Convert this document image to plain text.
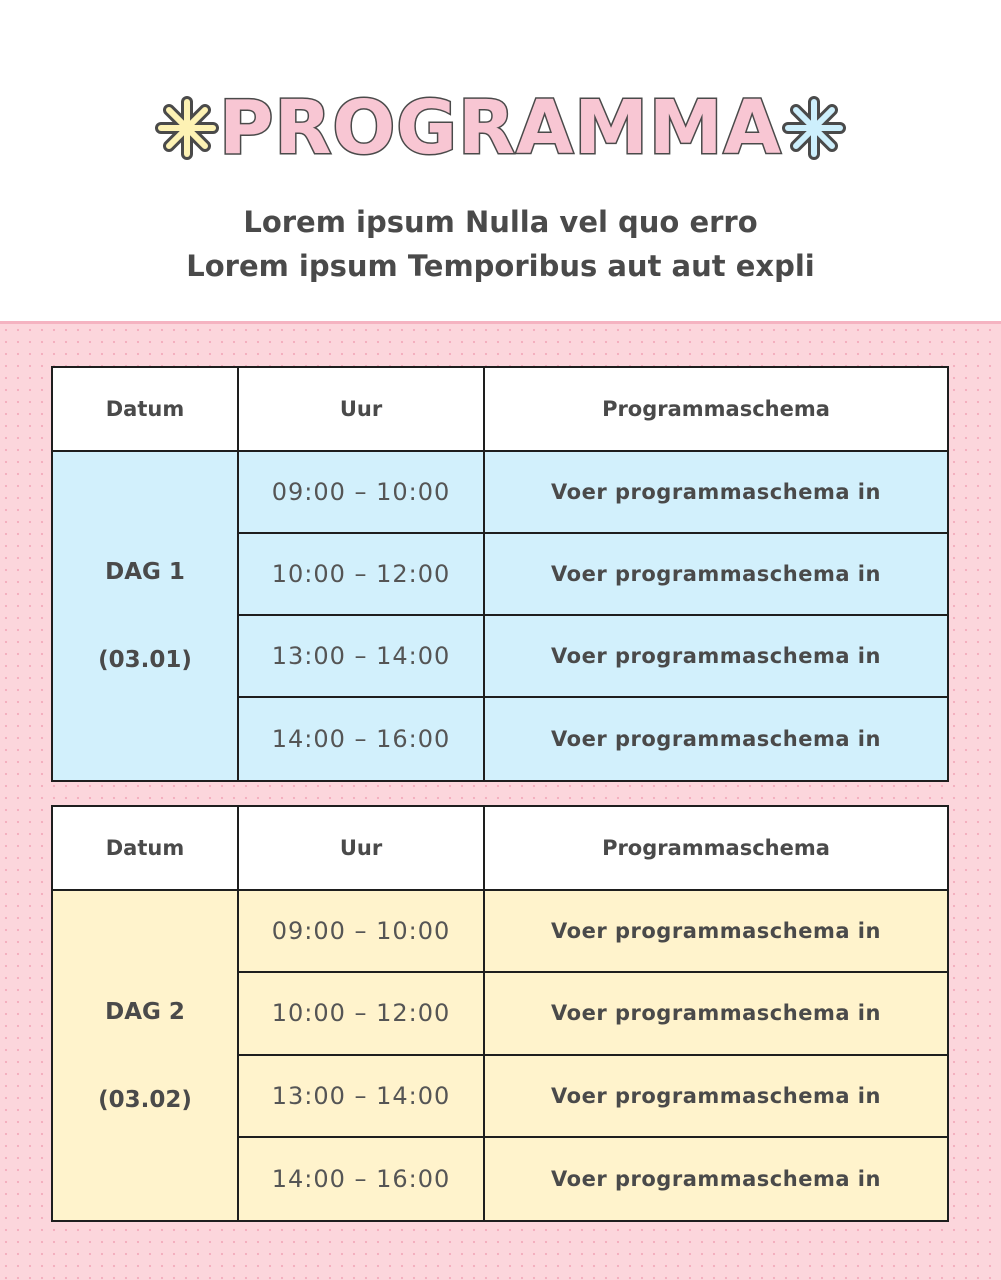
PROGRAMMA
Lorem ipsum Nulla vel quo erro
Lorem ipsum Temporibus aut aut expli
Datum	Uur	Programmaschema
DAG 1
(03.01)
09:00 – 10:00	Voer programmaschema in
10:00 – 12:00	Voer programmaschema in
13:00 – 14:00	Voer programmaschema in
14:00 – 16:00	Voer programmaschema in
Datum	Uur	Programmaschema
DAG 2
(03.02)
09:00 – 10:00	Voer programmaschema in
10:00 – 12:00	Voer programmaschema in
13:00 – 14:00	Voer programmaschema in
14:00 – 16:00	Voer programmaschema in
